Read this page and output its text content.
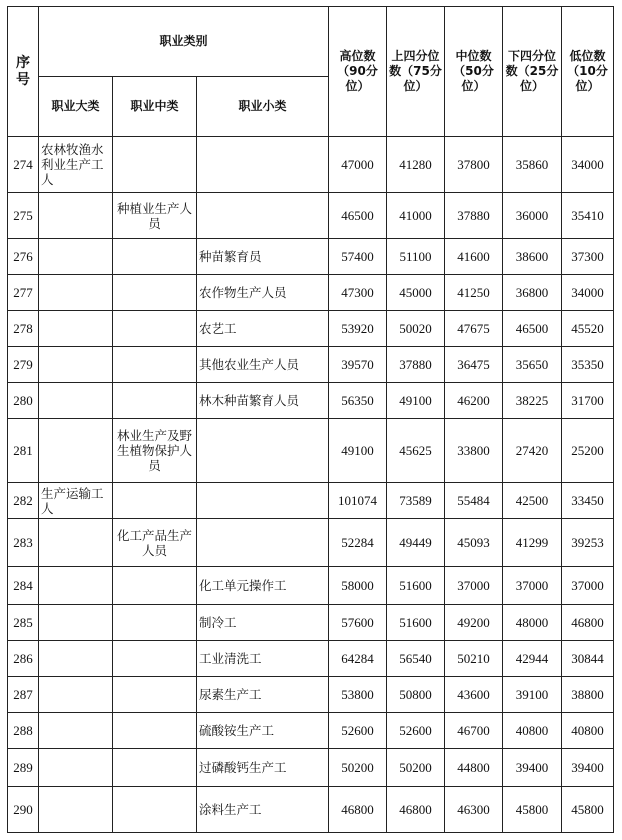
序号	职业类别			高位数（90分位）	上四分位数（75分位）	中位数（50分位）	下四分位数（25分位）	低位数（10分位）
	职业大类	职业中类	职业小类					
274	农林牧渔水利业生产工人			47000	41280	37800	35860	34000
275		种植业生产人员		46500	41000	37880	36000	35410
276			种苗繁育员	57400	51100	41600	38600	37300
277			农作物生产人员	47300	45000	41250	36800	34000
278			农艺工	53920	50020	47675	46500	45520
279			其他农业生产人员	39570	37880	36475	35650	35350
280			林木种苗繁育人员	56350	49100	46200	38225	31700
281		林业生产及野生植物保护人员		49100	45625	33800	27420	25200
282	生产运输工人			101074	73589	55484	42500	33450
283		化工产品生产人员		52284	49449	45093	41299	39253
284			化工单元操作工	58000	51600	37000	37000	37000
285			制冷工	57600	51600	49200	48000	46800
286			工业清洗工	64284	56540	50210	42944	30844
287			尿素生产工	53800	50800	43600	39100	38800
288			硫酸铵生产工	52600	52600	46700	40800	40800
289			过磷酸钙生产工	50200	50200	44800	39400	39400
290			涂料生产工	46800	46800	46300	45800	45800
